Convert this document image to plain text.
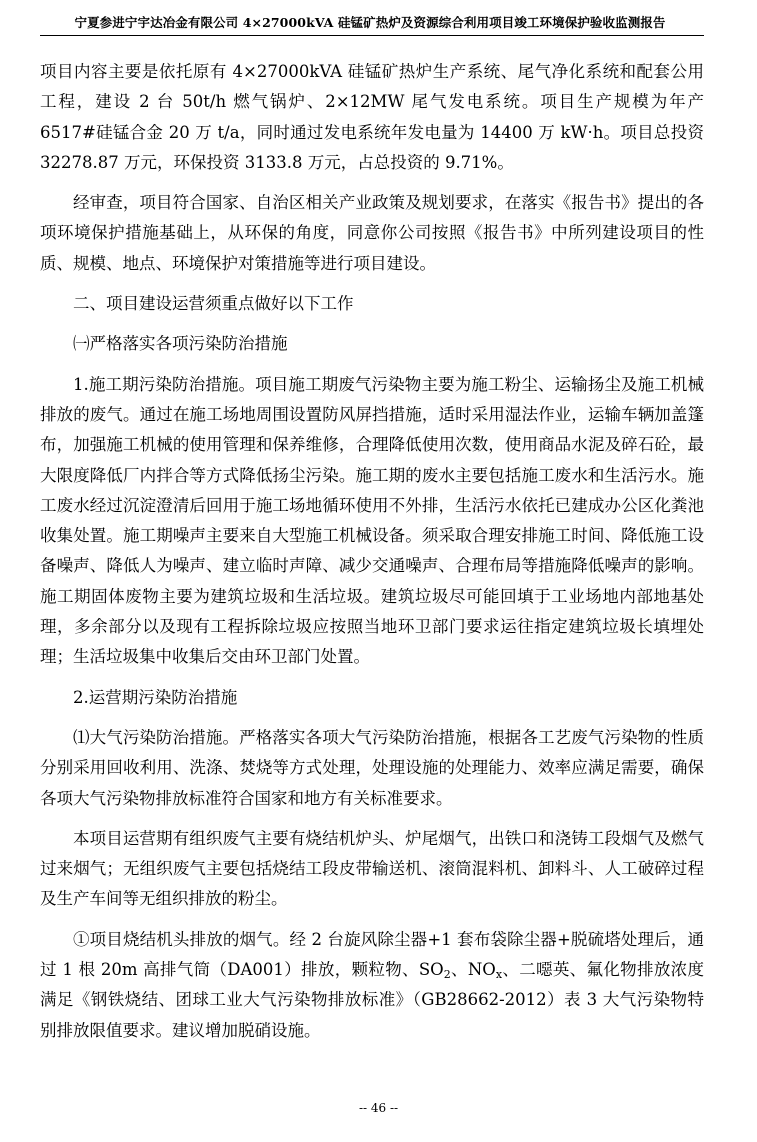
宁夏参进宁宇达冶金有限公司 4×27000kVA 硅锰矿热炉及资源综合利用项目竣工环境保护验收监测报告

项目内容主要是依托原有 4×27000kVA 硅锰矿热炉生产系统、尾气净化系统和配套公用工程，建设 2 台 50t/h 燃气锅炉、2×12MW 尾气发电系统。项目生产规模为年产 6517#硅锰合金 20 万 t/a，同时通过发电系统年发电量为 14400 万 kW·h。项目总投资 32278.87 万元，环保投资 3133.8 万元，占总投资的 9.71%。

经审查，项目符合国家、自治区相关产业政策及规划要求，在落实《报告书》提出的各项环境保护措施基础上，从环保的角度，同意你公司按照《报告书》中所列建设项目的性质、规模、地点、环境保护对策措施等进行项目建设。

二、项目建设运营须重点做好以下工作

㈠严格落实各项污染防治措施

1.施工期污染防治措施。项目施工期废气污染物主要为施工粉尘、运输扬尘及施工机械排放的废气。通过在施工场地周围设置防风屏挡措施，适时采用湿法作业，运输车辆加盖篷布，加强施工机械的使用管理和保养维修，合理降低使用次数，使用商品水泥及碎石砼，最大限度降低厂内拌合等方式降低扬尘污染。施工期的废水主要包括施工废水和生活污水。施工废水经过沉淀澄清后回用于施工场地循环使用不外排，生活污水依托已建成办公区化粪池收集处置。施工期噪声主要来自大型施工机械设备。须采取合理安排施工时间、降低施工设备噪声、降低人为噪声、建立临时声障、减少交通噪声、合理布局等措施降低噪声的影响。施工期固体废物主要为建筑垃圾和生活垃圾。建筑垃圾尽可能回填于工业场地内部地基处理，多余部分以及现有工程拆除垃圾应按照当地环卫部门要求运往指定建筑垃圾长填埋处理；生活垃圾集中收集后交由环卫部门处置。

2.运营期污染防治措施

⑴大气污染防治措施。严格落实各项大气污染防治措施，根据各工艺废气污染物的性质分别采用回收利用、洗涤、焚烧等方式处理，处理设施的处理能力、效率应满足需要，确保各项大气污染物排放标准符合国家和地方有关标准要求。

本项目运营期有组织废气主要有烧结机炉头、炉尾烟气，出铁口和浇铸工段烟气及燃气过来烟气；无组织废气主要包括烧结工段皮带输送机、滚筒混料机、卸料斗、人工破碎过程及生产车间等无组织排放的粉尘。

①项目烧结机头排放的烟气。经 2 台旋风除尘器+1 套布袋除尘器+脱硫塔处理后，通过 1 根 20m 高排气筒（DA001）排放，颗粒物、$SO_2$、$NO_x$、二噁英、氟化物排放浓度满足《钢铁烧结、团球工业大气污染物排放标准》（GB28662-2012）表 3 大气污染物特别排放限值要求。建议增加脱硝设施。

-- 46 --
